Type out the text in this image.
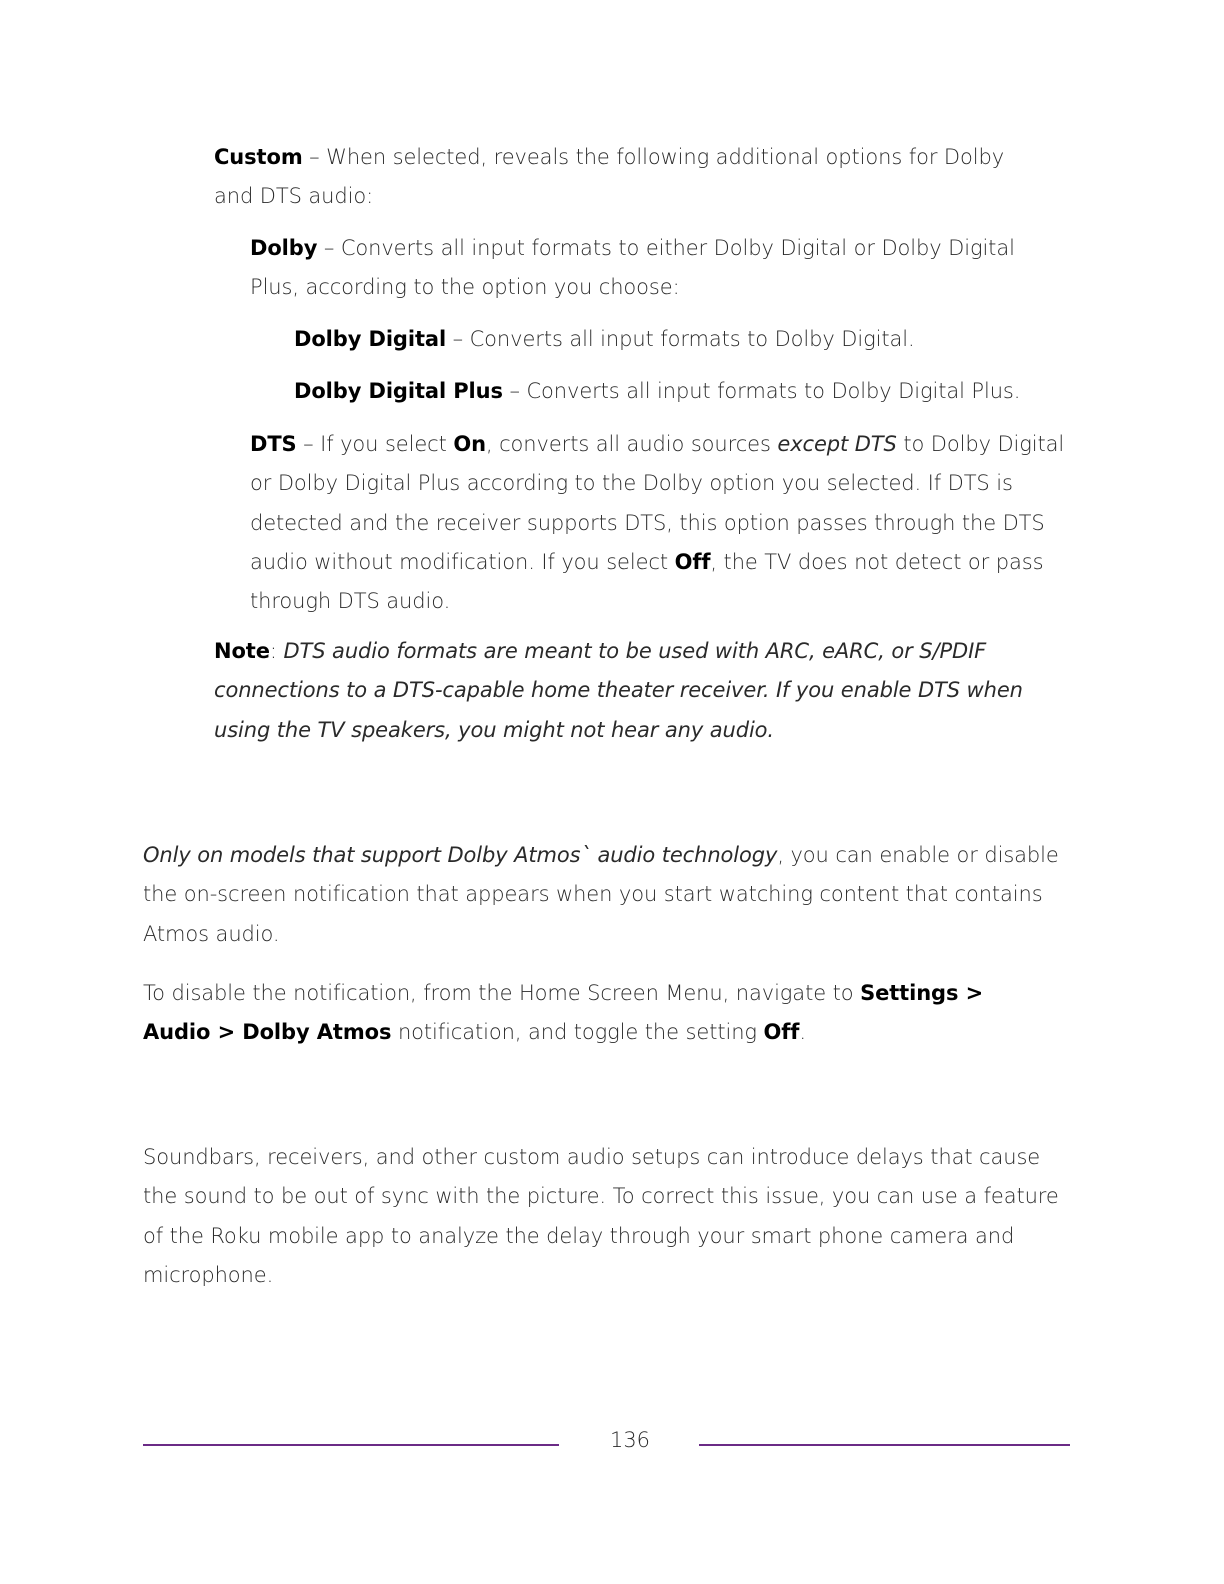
Custom – When selected, reveals the following additional options for Dolby and DTS audio:

Dolby – Converts all input formats to either Dolby Digital or Dolby Digital Plus, according to the option you choose:

Dolby Digital – Converts all input formats to Dolby Digital.

Dolby Digital Plus – Converts all input formats to Dolby Digital Plus.

DTS – If you select On, converts all audio sources except DTS to Dolby Digital or Dolby Digital Plus according to the Dolby option you selected. If DTS is detected and the receiver supports DTS, this option passes through the DTS audio without modification. If you select Off, the TV does not detect or pass through DTS audio.

Note: DTS audio formats are meant to be used with ARC, eARC, or S/PDIF connections to a DTS-capable home theater receiver. If you enable DTS when using the TV speakers, you might not hear any audio.

Only on models that support Dolby Atmos` audio technology, you can enable or disable the on-screen notification that appears when you start watching content that contains Atmos audio.

To disable the notification, from the Home Screen Menu, navigate to Settings > Audio > Dolby Atmos notification, and toggle the setting Off.

Soundbars, receivers, and other custom audio setups can introduce delays that cause the sound to be out of sync with the picture. To correct this issue, you can use a feature of the Roku mobile app to analyze the delay through your smart phone camera and microphone.

136
